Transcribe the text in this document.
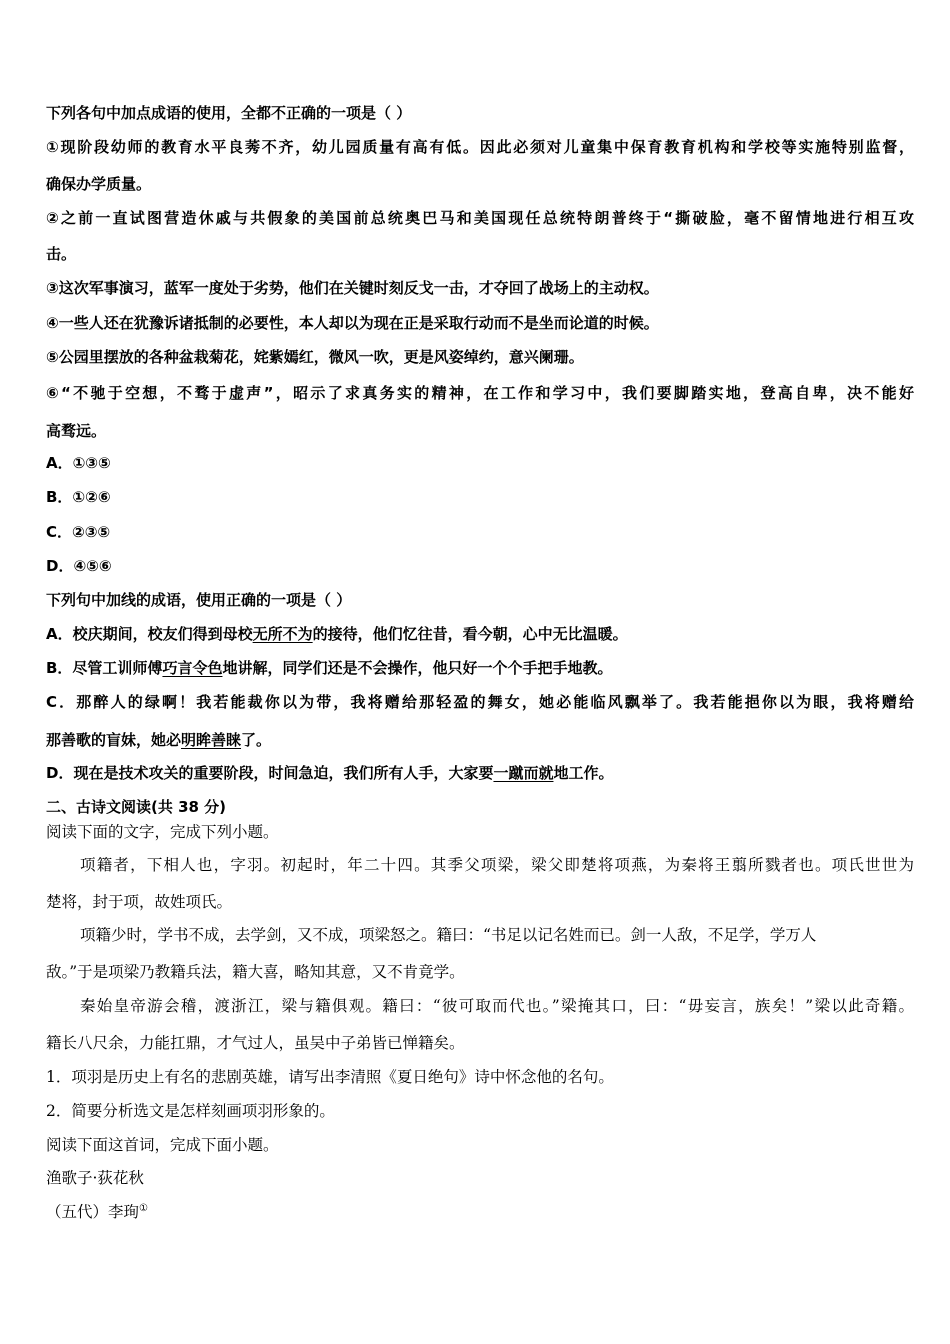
下列各句中加点成语的使用，全都不正确的一项是（ ）
①现阶段幼师的教育水平良莠不齐，幼儿园质量有高有低。因此必须对儿童集中保育教育机构和学校等实施特别监督，
确保办学质量。
②之前一直试图营造休戚与共假象的美国前总统奥巴马和美国现任总统特朗普终于“撕破脸，毫不留情地进行相互攻
击。
③这次军事演习，蓝军一度处于劣势，他们在关键时刻反戈一击，才夺回了战场上的主动权。
④一些人还在犹豫诉诸抵制的必要性，本人却以为现在正是采取行动而不是坐而论道的时候。
⑤公园里摆放的各种盆栽菊花，姹紫嫣红，微风一吹，更是风姿绰约，意兴阑珊。
⑥“不驰于空想，不骛于虚声”，昭示了求真务实的精神，在工作和学习中，我们要脚踏实地，登高自卑，决不能好
高骛远。
A．①③⑤
B．①②⑥
C．②③⑤
D．④⑤⑥
下列句中加线的成语，使用正确的一项是（ ）
A．校庆期间，校友们得到母校无所不为的接待，他们忆往昔，看今朝，心中无比温暖。
B．尽管工训师傅巧言令色地讲解，同学们还是不会操作，他只好一个个手把手地教。
C．那醉人的绿啊！我若能裁你以为带，我将赠给那轻盈的舞女，她必能临风飘举了。我若能挹你以为眼，我将赠给
那善歌的盲妹，她必明眸善睐了。
D．现在是技术攻关的重要阶段，时间急迫，我们所有人手，大家要一蹴而就地工作。
二、古诗文阅读(共 38 分)
阅读下面的文字，完成下列小题。
项籍者，下相人也，字羽。初起时，年二十四。其季父项梁，梁父即楚将项燕，为秦将王翦所戮者也。项氏世世为
楚将，封于项，故姓项氏。
项籍少时，学书不成，去学剑，又不成，项梁怒之。籍曰：“书足以记名姓而已。剑一人敌，不足学，学万人
敌。”于是项梁乃教籍兵法，籍大喜，略知其意，又不肯竟学。
秦始皇帝游会稽，渡浙江，梁与籍俱观。籍曰：“彼可取而代也。”梁掩其口，曰：“毋妄言，族矣！”梁以此奇籍。
籍长八尺余，力能扛鼎，才气过人，虽吴中子弟皆已惮籍矣。
1．项羽是历史上有名的悲剧英雄，请写出李清照《夏日绝句》诗中怀念他的名句。
2．简要分析选文是怎样刻画项羽形象的。
阅读下面这首词，完成下面小题。
渔歌子·荻花秋
（五代）李珣①
